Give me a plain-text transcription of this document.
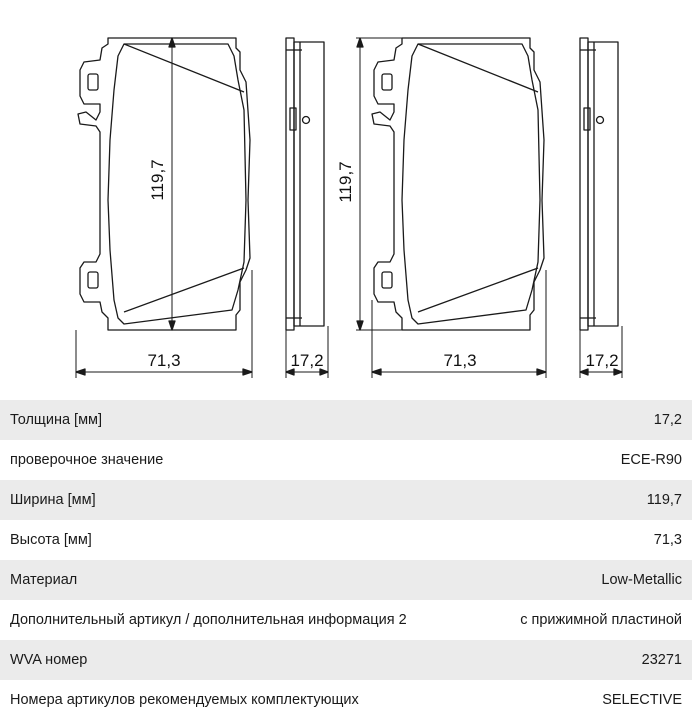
119,7
71,3	17,2
119,7
71,3	17,2
Толщина [мм]	17,2
проверочное значение	ECE-R90
Ширина [мм]	119,7
Высота [мм]	71,3
Материал	Low-Metallic
Дополнительный артикул / дополнительная информация 2	с прижимной пластиной
WVA номер	23271
Номера артикулов рекомендуемых комплектующих	SELECTIVE
